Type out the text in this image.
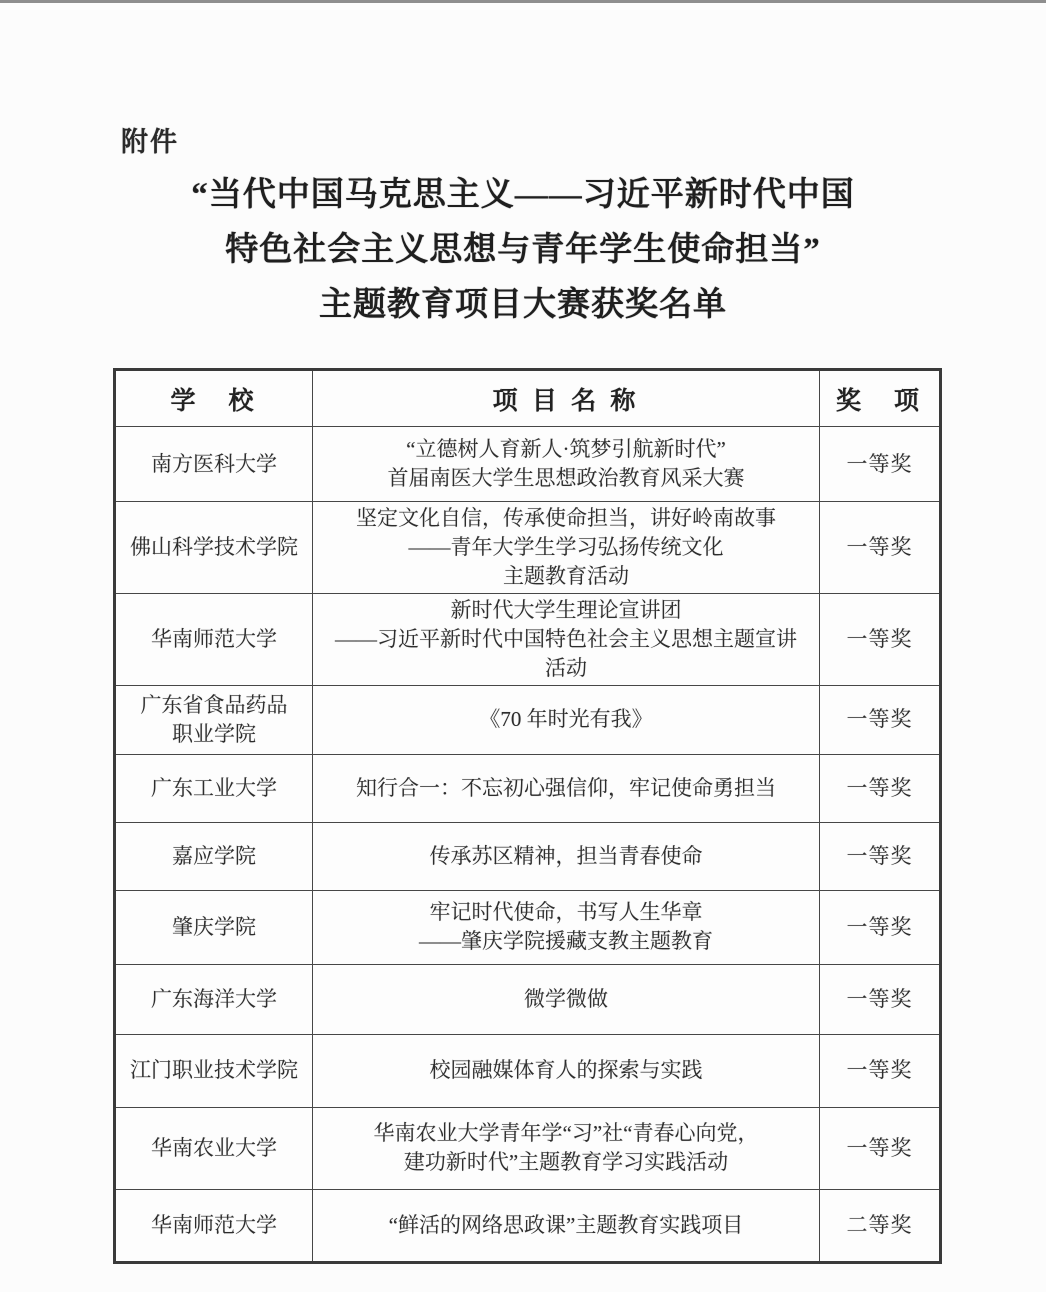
附件
“当代中国马克思主义——习近平新时代中国
特色社会主义思想与青年学生使命担当”
主题教育项目大赛获奖名单
学　校	项 目 名 称	奖　项
南方医科大学	“立德树人育新人·筑梦引航新时代”
首届南医大学生思想政治教育风采大赛	一等奖
佛山科学技术学院	坚定文化自信，传承使命担当，讲好岭南故事
——青年大学生学习弘扬传统文化
主题教育活动	一等奖
华南师范大学	新时代大学生理论宣讲团
——习近平新时代中国特色社会主义思想主题宣讲
活动	一等奖
广东省食品药品
职业学院	《70 年时光有我》	一等奖
广东工业大学	知行合一：不忘初心强信仰，牢记使命勇担当	一等奖
嘉应学院	传承苏区精神，担当青春使命	一等奖
肇庆学院	牢记时代使命，书写人生华章
——肇庆学院援藏支教主题教育	一等奖
广东海洋大学	微学微做	一等奖
江门职业技术学院	校园融媒体育人的探索与实践	一等奖
华南农业大学	华南农业大学青年学“习”社“青春心向党，
建功新时代”主题教育学习实践活动	一等奖
华南师范大学	“鲜活的网络思政课”主题教育实践项目	二等奖
